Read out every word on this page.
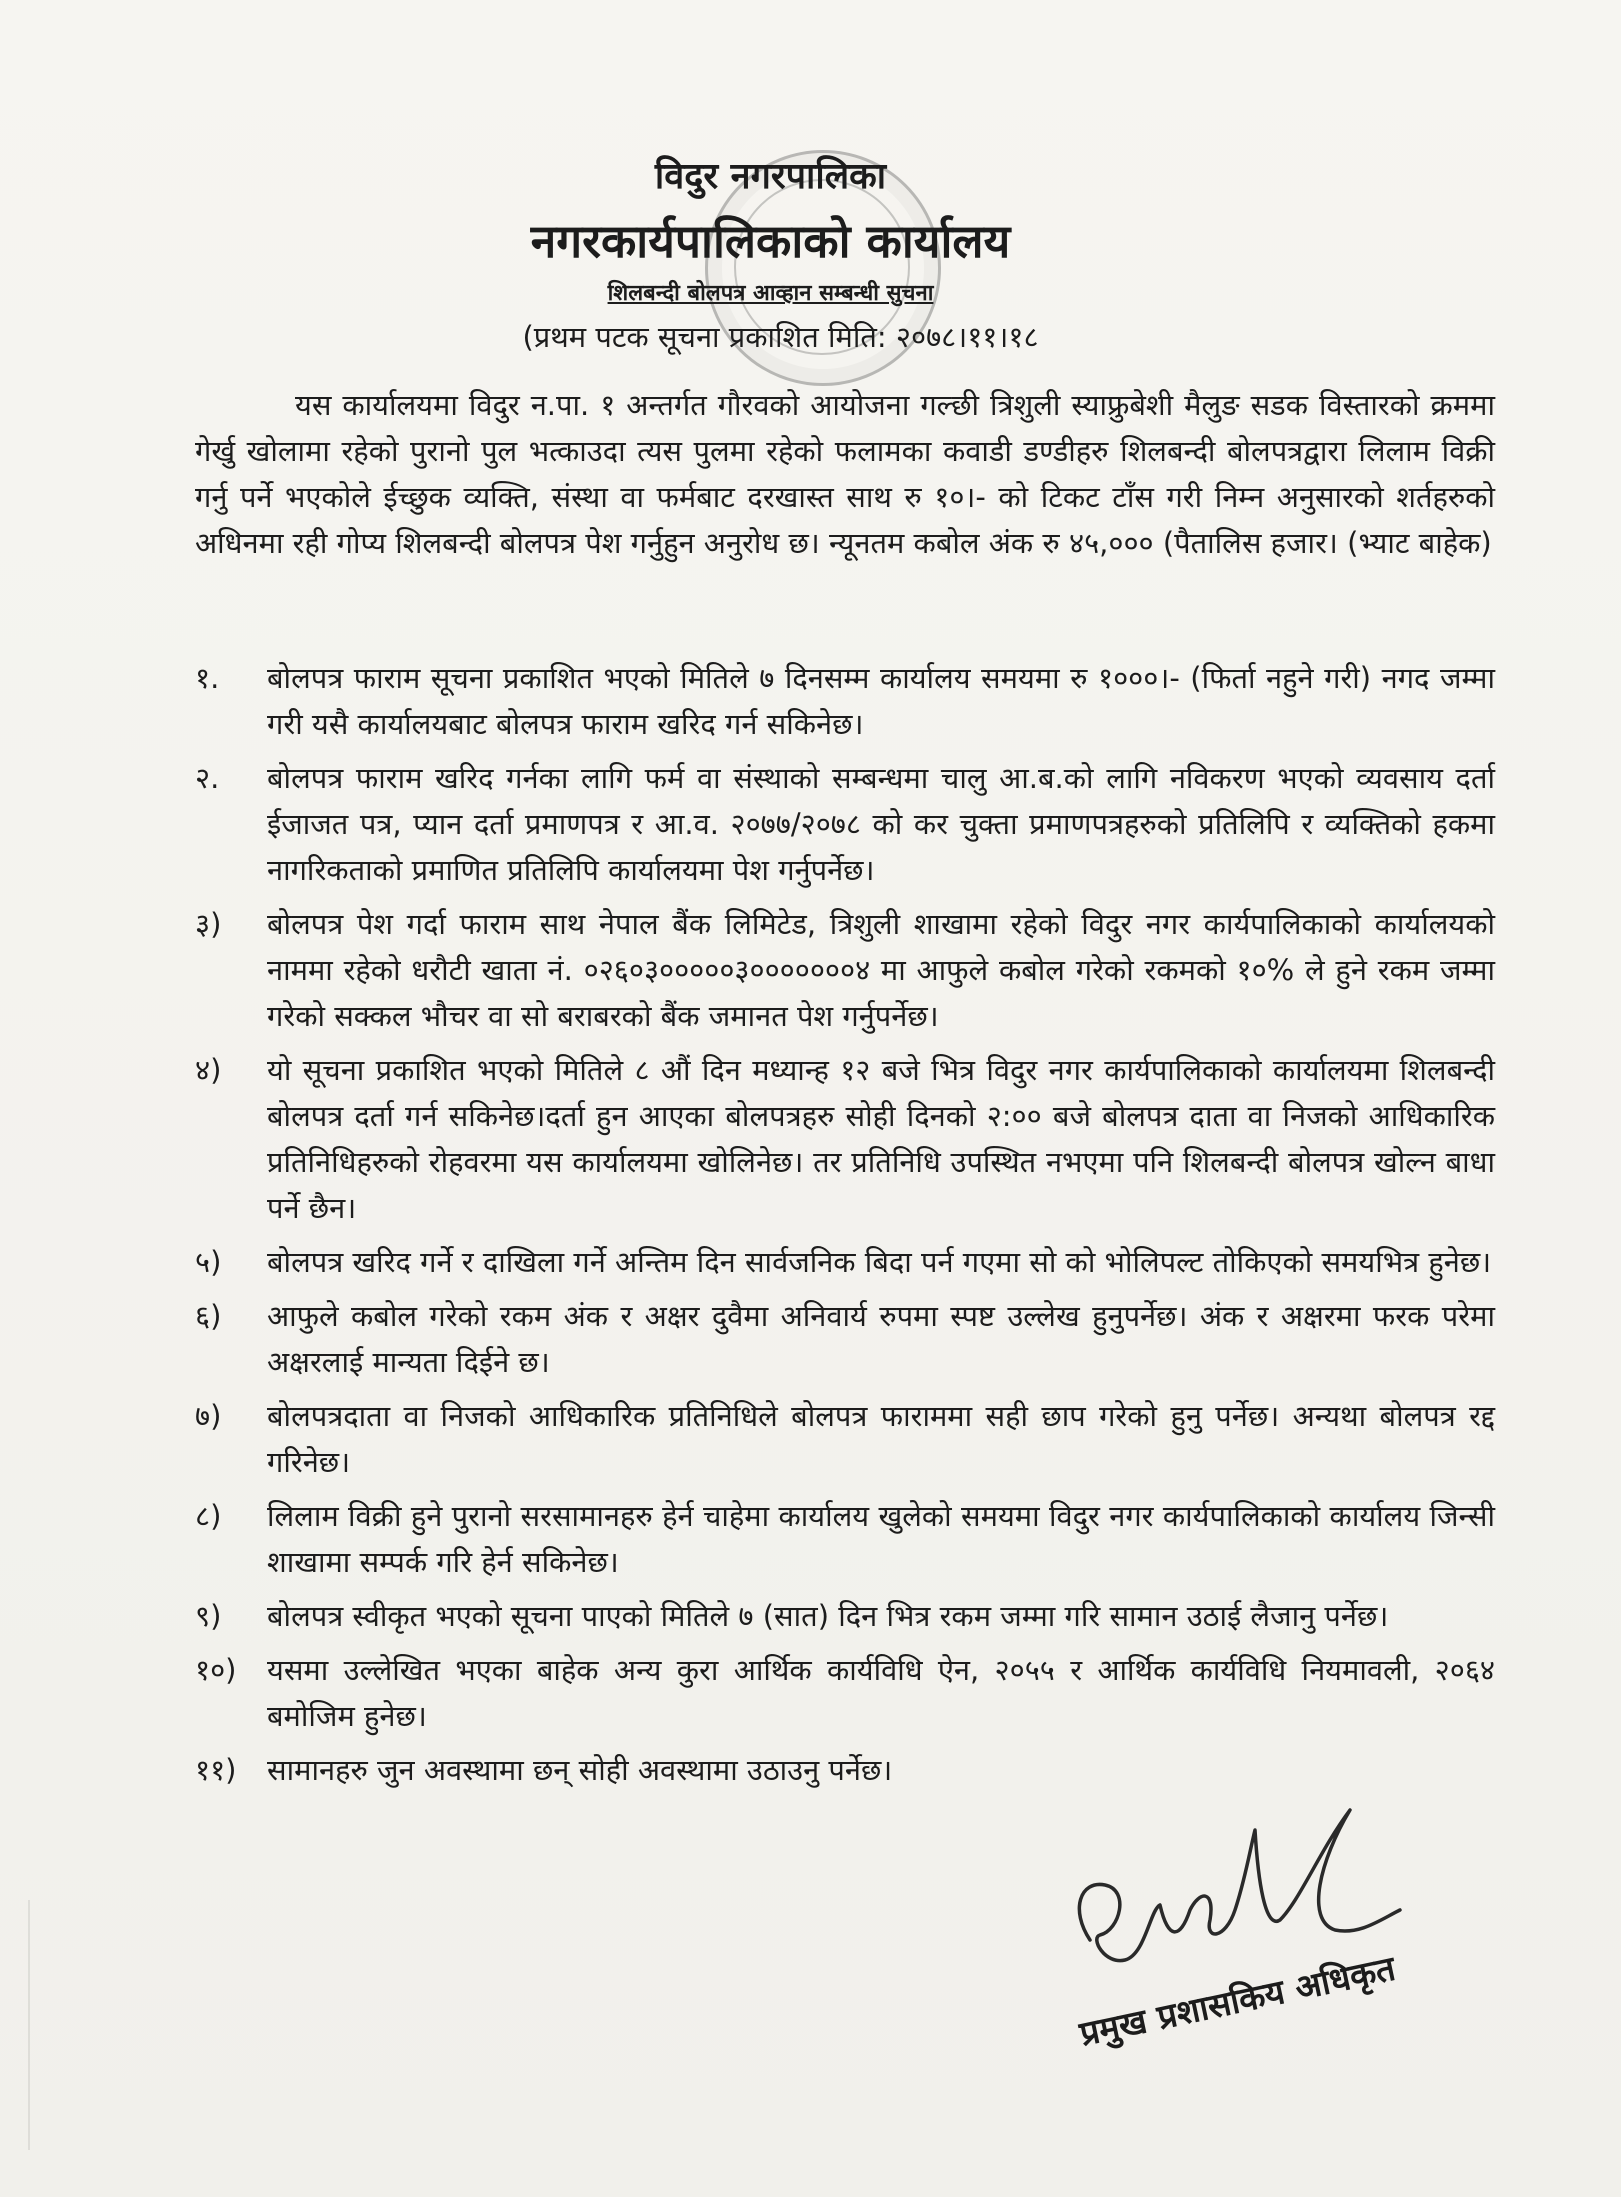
विदुर नगरपालिका
नगरकार्यपालिकाको कार्यालय
शिलबन्दी बोलपत्र आव्हान सम्बन्धी सुचना
(प्रथम पटक सूचना प्रकाशित मिति: २०७८।११।१८

यस कार्यालयमा विदुर न.पा. १ अन्तर्गत गौरवको आयोजना गल्छी त्रिशुली स्याफ्रुबेशी मैलुङ सडक विस्तारको क्रममा गेर्खु खोलामा रहेको पुरानो पुल भत्काउदा त्यस पुलमा रहेको फलामका कवाडी डण्डीहरु शिलबन्दी बोलपत्रद्वारा लिलाम विक्री गर्नु पर्ने भएकोले ईच्छुक व्यक्ति, संस्था वा फर्मबाट दरखास्त साथ रु १०।- को टिकट टाँस गरी निम्न अनुसारको शर्तहरुको अधिनमा रही गोप्य शिलबन्दी बोलपत्र पेश गर्नुहुन अनुरोध छ। न्यूनतम कबोल अंक रु ४५,००० (पैतालिस हजार। (भ्याट बाहेक)

१.	बोलपत्र फाराम सूचना प्रकाशित भएको मितिले ७ दिनसम्म कार्यालय समयमा रु १०००।- (फिर्ता नहुने गरी) नगद जम्मा गरी यसै कार्यालयबाट बोलपत्र फाराम खरिद गर्न सकिनेछ।
२.	बोलपत्र फाराम खरिद गर्नका लागि फर्म वा संस्थाको सम्बन्धमा चालु आ.ब.को लागि नविकरण भएको व्यवसाय दर्ता ईजाजत पत्र, प्यान दर्ता प्रमाणपत्र र आ.व. २०७७/२०७८ को कर चुक्ता प्रमाणपत्रहरुको प्रतिलिपि र व्यक्तिको हकमा नागरिकताको प्रमाणित प्रतिलिपि कार्यालयमा पेश गर्नुपर्नेछ।
३)	बोलपत्र पेश गर्दा फाराम साथ नेपाल बैंक लिमिटेड, त्रिशुली शाखामा रहेको विदुर नगर कार्यपालिकाको कार्यालयको नाममा रहेको धरौटी खाता नं. ०२६०३०००००३०००००००४ मा आफुले कबोल गरेको रकमको १०% ले हुने रकम जम्मा गरेको सक्कल भौचर वा सो बराबरको बैंक जमानत पेश गर्नुपर्नेछ।
४)	यो सूचना प्रकाशित भएको मितिले ८ औं दिन मध्यान्ह १२ बजे भित्र विदुर नगर कार्यपालिकाको कार्यालयमा शिलबन्दी बोलपत्र दर्ता गर्न सकिनेछ।दर्ता हुन आएका बोलपत्रहरु सोही दिनको २:०० बजे बोलपत्र दाता वा निजको आधिकारिक प्रतिनिधिहरुको रोहवरमा यस कार्यालयमा खोलिनेछ। तर प्रतिनिधि उपस्थित नभएमा पनि शिलबन्दी बोलपत्र खोल्न बाधा पर्ने छैन।
५)	बोलपत्र खरिद गर्ने र दाखिला गर्ने अन्तिम दिन सार्वजनिक बिदा पर्न गएमा सो को भोलिपल्ट तोकिएको समयभित्र हुनेछ।
६)	आफुले कबोल गरेको रकम अंक र अक्षर दुवैमा अनिवार्य रुपमा स्पष्ट उल्लेख हुनुपर्नेछ। अंक र अक्षरमा फरक परेमा अक्षरलाई मान्यता दिईने छ।
७)	बोलपत्रदाता वा निजको आधिकारिक प्रतिनिधिले बोलपत्र फाराममा सही छाप गरेको हुनु पर्नेछ। अन्यथा बोलपत्र रद्द गरिनेछ।
८)	लिलाम विक्री हुने पुरानो सरसामानहरु हेर्न चाहेमा कार्यालय खुलेको समयमा विदुर नगर कार्यपालिकाको कार्यालय जिन्सी शाखामा सम्पर्क गरि हेर्न सकिनेछ।
९)	बोलपत्र स्वीकृत भएको सूचना पाएको मितिले ७ (सात) दिन भित्र रकम जम्मा गरि सामान उठाई लैजानु पर्नेछ।
१०)	यसमा उल्लेखित भएका बाहेक अन्य कुरा आर्थिक कार्यविधि ऐन, २०५५ र आर्थिक कार्यविधि नियमावली, २०६४ बमोजिम हुनेछ।
११)	सामानहरु जुन अवस्थामा छन् सोही अवस्थामा उठाउनु पर्नेछ।
प्रमुख प्रशासकिय अधिकृत
